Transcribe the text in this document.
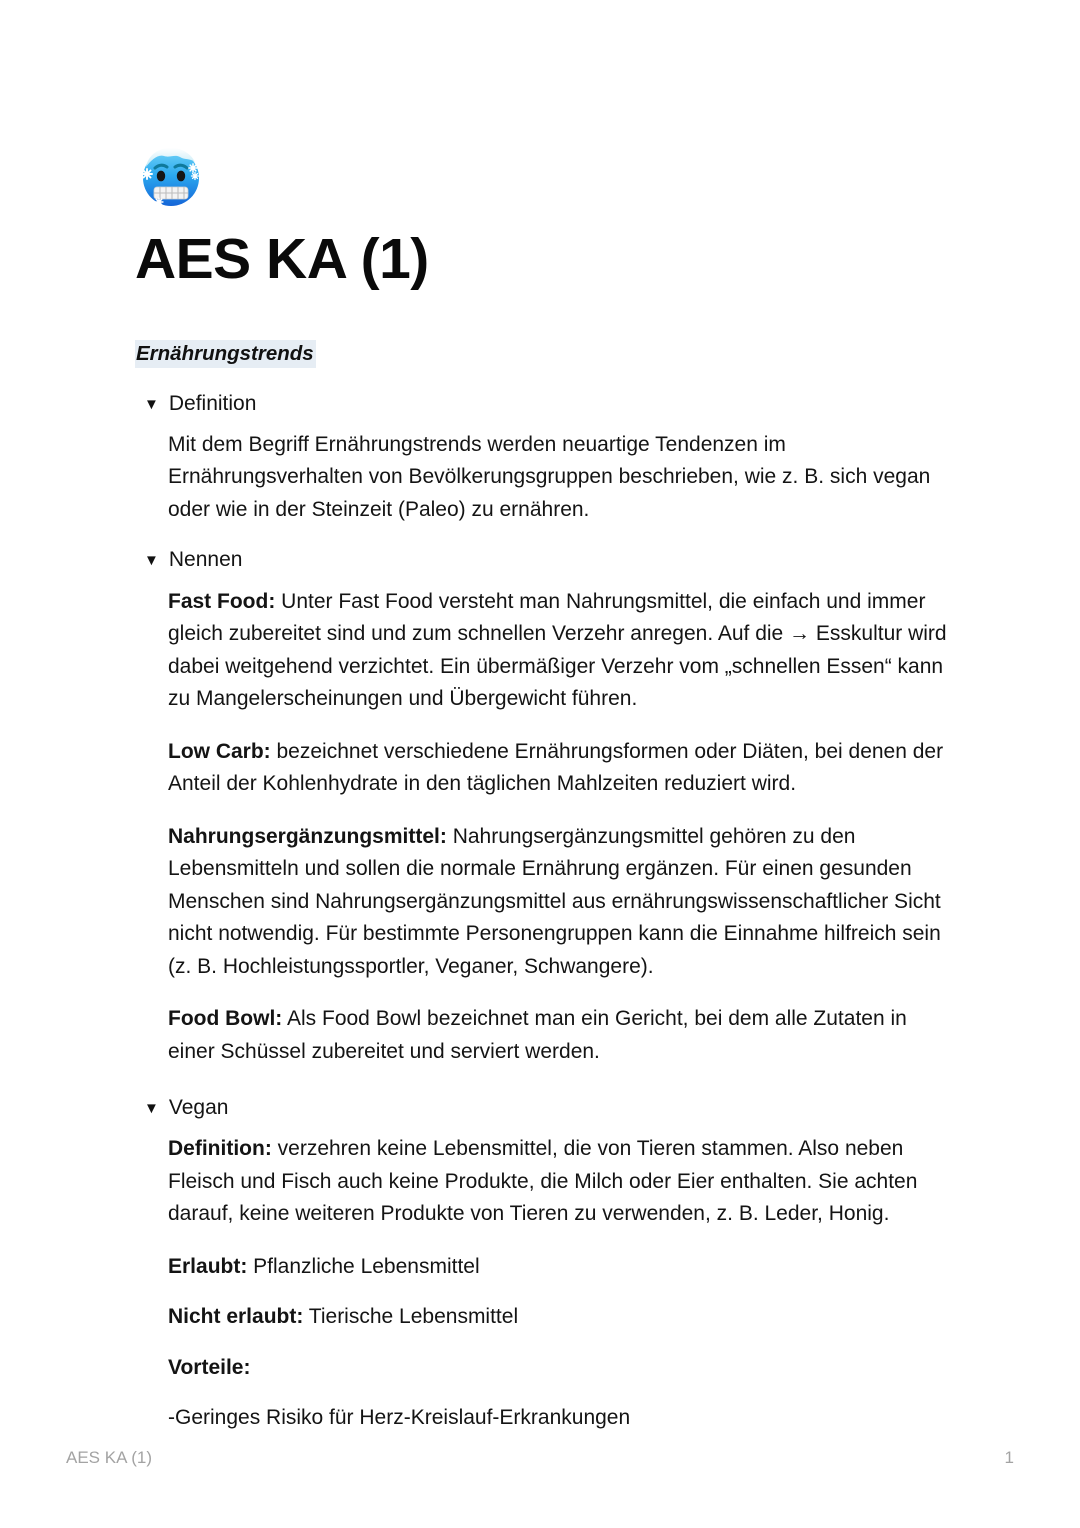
AES KA (1)
Ernährungstrends
▼ Definition

Mit dem Begriff Ernährungstrends werden neuartige Tendenzen im Ernährungsverhalten von Bevölkerungsgruppen beschrieben, wie z. B. sich vegan oder wie in der Steinzeit (Paleo) zu ernähren.

▼ Nennen

Fast Food: Unter Fast Food versteht man Nahrungsmittel, die einfach und immer gleich zubereitet sind und zum schnellen Verzehr anregen. Auf die → Esskultur wird dabei weitgehend verzichtet. Ein übermäßiger Verzehr vom „schnellen Essen“ kann zu Mangelerscheinungen und Übergewicht führen.

Low Carb: bezeichnet verschiedene Ernährungsformen oder Diäten, bei denen der Anteil der Kohlenhydrate in den täglichen Mahlzeiten reduziert wird.

Nahrungsergänzungsmittel: Nahrungsergänzungsmittel gehören zu den Lebensmitteln und sollen die normale Ernährung ergänzen. Für einen gesunden Menschen sind Nahrungsergänzungsmittel aus ernährungswissenschaftlicher Sicht nicht notwendig. Für bestimmte Personengruppen kann die Einnahme hilfreich sein (z. B. Hochleistungssportler, Veganer, Schwangere).

Food Bowl: Als Food Bowl bezeichnet man ein Gericht, bei dem alle Zutaten in einer Schüssel zubereitet und serviert werden.

▼ Vegan

Definition: verzehren keine Lebensmittel, die von Tieren stammen. Also neben Fleisch und Fisch auch keine Produkte, die Milch oder Eier enthalten. Sie achten darauf, keine weiteren Produkte von Tieren zu verwenden, z. B. Leder, Honig.

Erlaubt: Pflanzliche Lebensmittel

Nicht erlaubt: Tierische Lebensmittel

Vorteile:

-Geringes Risiko für Herz-Kreislauf-Erkrankungen

AES KA (1)	1
